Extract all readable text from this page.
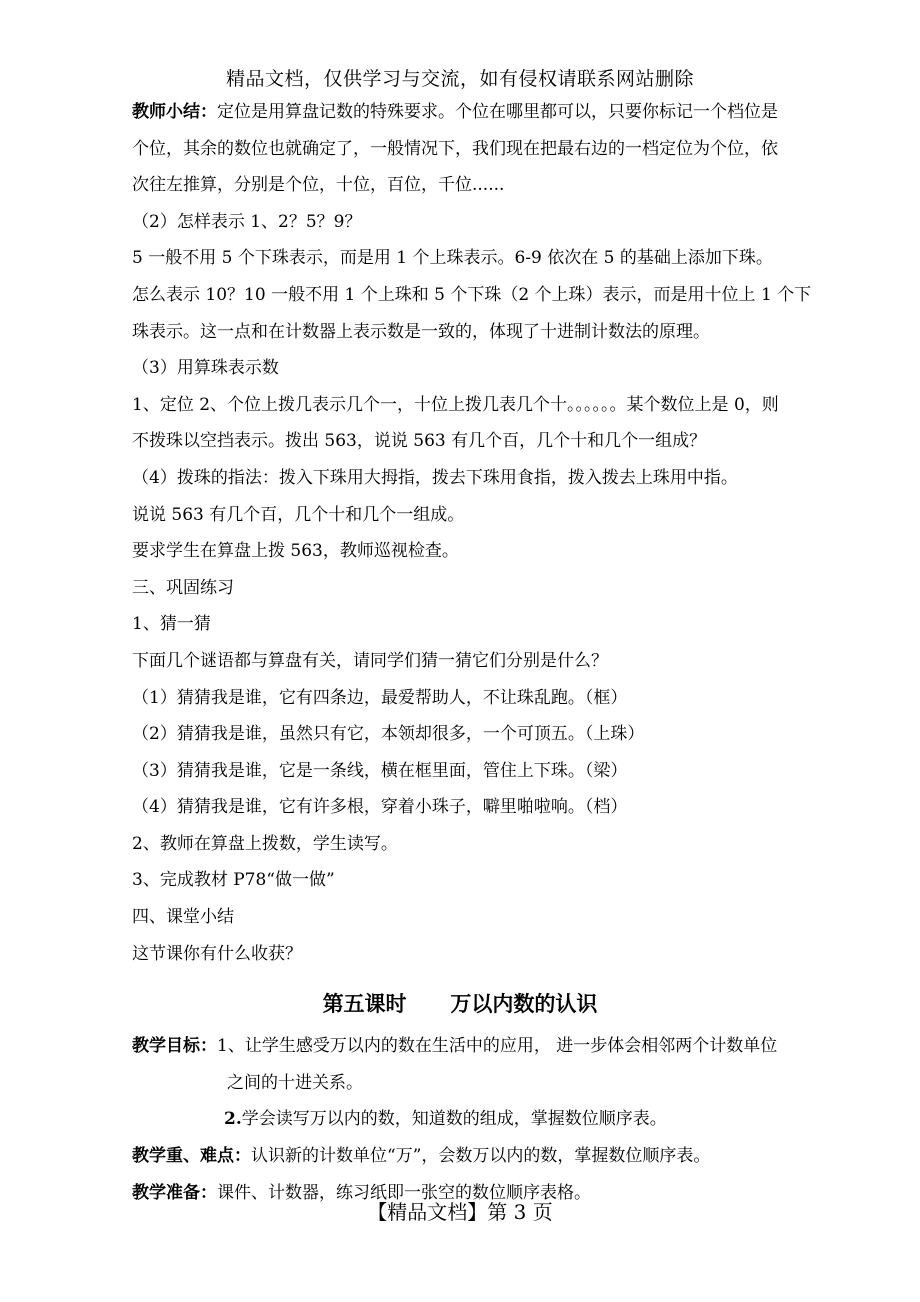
精品文档，仅供学习与交流，如有侵权请联系网站删除
教师小结：定位是用算盘记数的特殊要求。个位在哪里都可以，只要你标记一个档位是
个位，其余的数位也就确定了，一般情况下，我们现在把最右边的一档定位为个位，依
次往左推算，分别是个位，十位，百位，千位......
（2）怎样表示 1、2？5？9？
5 一般不用 5 个下珠表示，而是用 1 个上珠表示。6-9 依次在 5 的基础上添加下珠。
怎么表示 10？10 一般不用 1 个上珠和 5 个下珠（2 个上珠）表示，而是用十位上 1 个下
珠表示。这一点和在计数器上表示数是一致的，体现了十进制计数法的原理。
（3）用算珠表示数
1、定位 2、个位上拨几表示几个一，十位上拨几表几个十。。。。。。某个数位上是 0，则
不拨珠以空挡表示。拨出 563，说说 563 有几个百，几个十和几个一组成？
（4）拨珠的指法：拨入下珠用大拇指，拨去下珠用食指，拨入拨去上珠用中指。
说说 563 有几个百，几个十和几个一组成。
要求学生在算盘上拨 563，教师巡视检查。
三、巩固练习
1、猜一猜
下面几个谜语都与算盘有关，请同学们猜一猜它们分别是什么？
（1）猜猜我是谁，它有四条边，最爱帮助人，不让珠乱跑。（框）
（2）猜猜我是谁，虽然只有它，本领却很多，一个可顶五。（上珠）
（3）猜猜我是谁，它是一条线，横在框里面，管住上下珠。（梁）
（4）猜猜我是谁，它有许多根，穿着小珠子，噼里啪啦响。（档）
2、教师在算盘上拨数，学生读写。
3、完成教材 P78“做一做”
四、课堂小结
这节课你有什么收获？
第五课时      万以内数的认识
教学目标：1、让学生感受万以内的数在生活中的应用， 进一步体会相邻两个计数单位
之间的十进关系。
2.学会读写万以内的数，知道数的组成，掌握数位顺序表。
教学重、难点：认识新的计数单位“万”，会数万以内的数，掌握数位顺序表。
教学准备：课件、计数器，练习纸即一张空的数位顺序表格。
【精品文档】第 3 页
